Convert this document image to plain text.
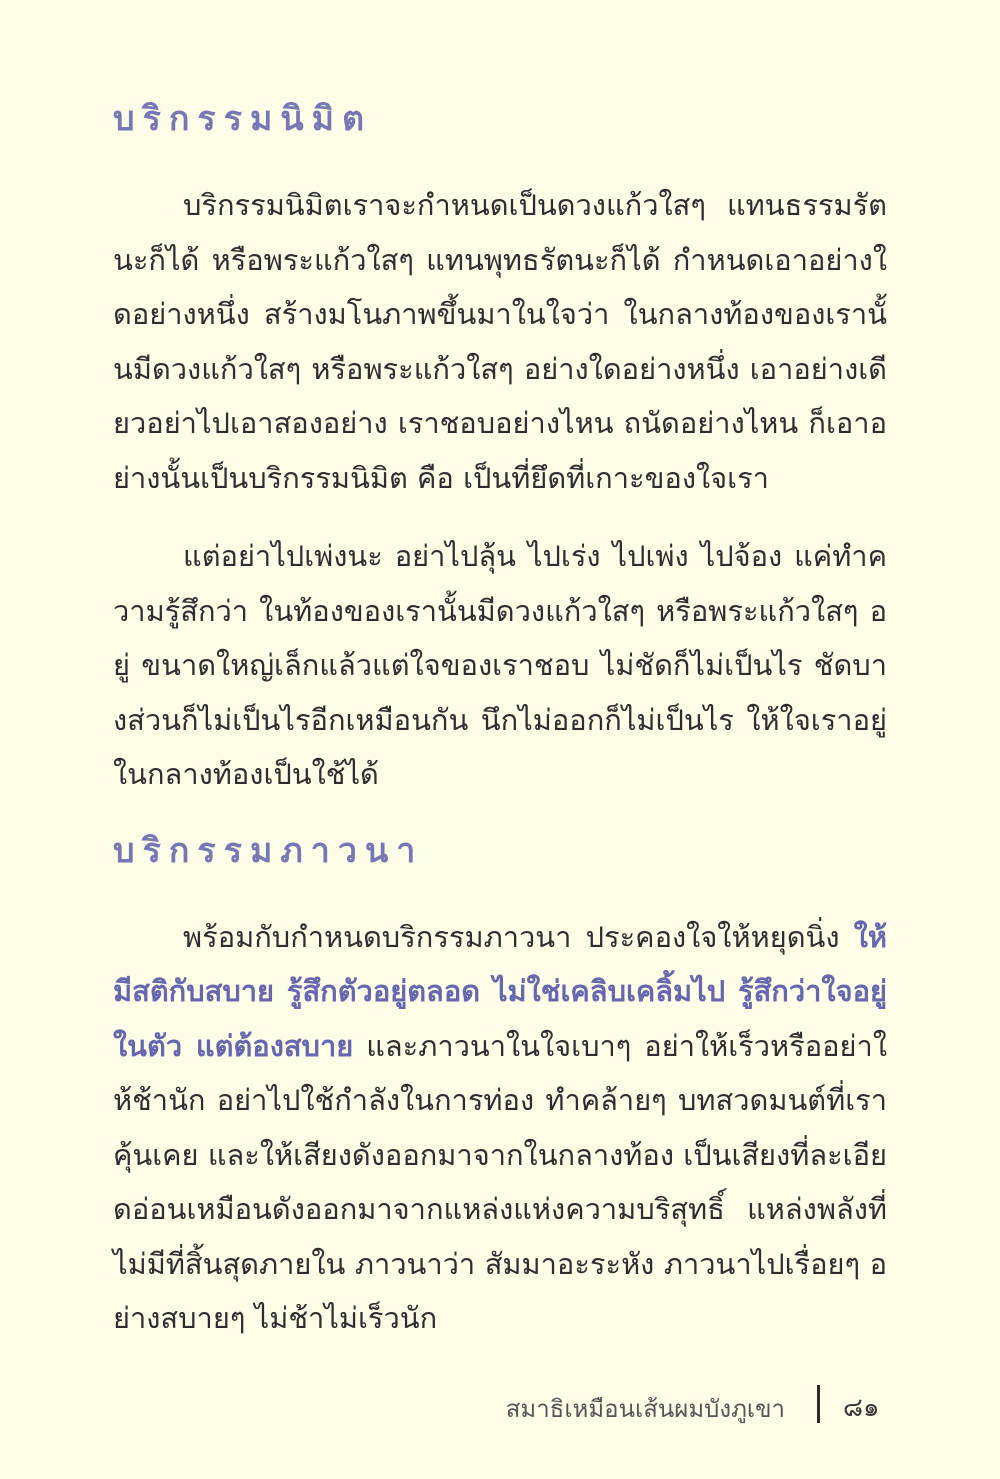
บริกรรมนิมิต

บริกรรมนิมิตเราจะกำหนดเป็นดวงแก้วใสๆ แทนธรรมรัตนะก็ได้ หรือพระแก้วใสๆ แทนพุทธรัตนะก็ได้ กำหนดเอาอย่างใดอย่างหนึ่ง สร้างมโนภาพขึ้นมาในใจว่า ในกลางท้องของเรานั้นมีดวงแก้วใสๆ หรือพระแก้วใสๆ อย่างใดอย่างหนึ่ง เอาอย่างเดียวอย่าไปเอาสองอย่าง เราชอบอย่างไหน ถนัดอย่างไหน ก็เอาอย่างนั้นเป็นบริกรรมนิมิต คือ เป็นที่ยึดที่เกาะของใจเรา

แต่อย่าไปเพ่งนะ อย่าไปลุ้น ไปเร่ง ไปเพ่ง ไปจ้อง แค่ทำความรู้สึกว่า ในท้องของเรานั้นมีดวงแก้วใสๆ หรือพระแก้วใสๆ อยู่ ขนาดใหญ่เล็กแล้วแต่ใจของเราชอบ ไม่ชัดก็ไม่เป็นไร ชัดบางส่วนก็ไม่เป็นไรอีกเหมือนกัน นึกไม่ออกก็ไม่เป็นไร ให้ใจเราอยู่ในกลางท้องเป็นใช้ได้

บริกรรมภาวนา

พร้อมกับกำหนดบริกรรมภาวนา ประคองใจให้หยุดนิ่ง ให้มีสติกับสบาย รู้สึกตัวอยู่ตลอด ไม่ใช่เคลิบเคลิ้มไป รู้สึกว่าใจอยู่ในตัว แต่ต้องสบาย และภาวนาในใจเบาๆ อย่าให้เร็วหรืออย่าให้ช้านัก อย่าไปใช้กำลังในการท่อง ทำคล้ายๆ บทสวดมนต์ที่เราคุ้นเคย และให้เสียงดังออกมาจากในกลางท้อง เป็นเสียงที่ละเอียดอ่อนเหมือนดังออกมาจากแหล่งแห่งความบริสุทธิ์ แหล่งพลังที่ไม่มีที่สิ้นสุดภายใน ภาวนาว่า สัมมาอะระหัง ภาวนาไปเรื่อยๆ อย่างสบายๆ ไม่ช้าไม่เร็วนัก

สมาธิเหมือนเส้นผมบังภูเขา ๘๑
